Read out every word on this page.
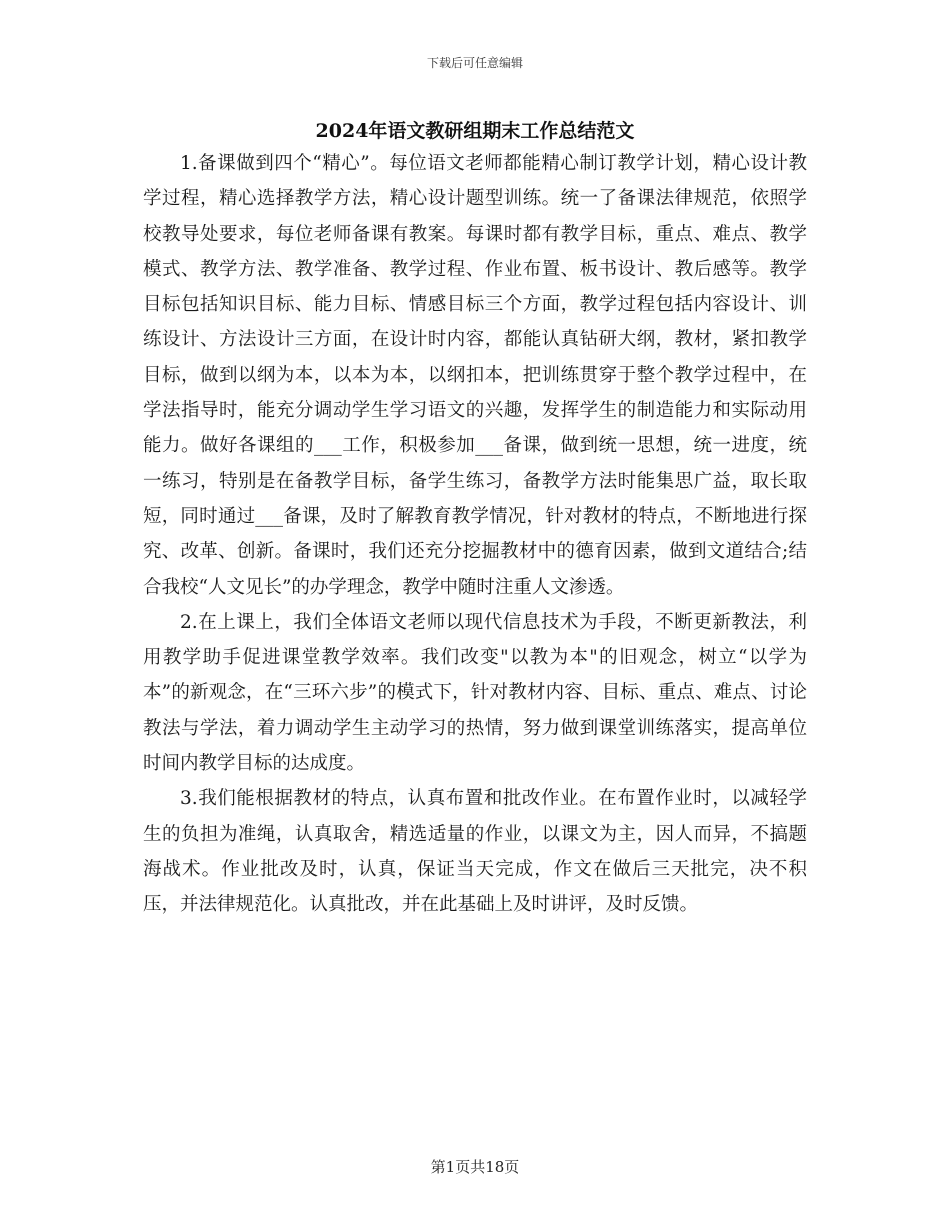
下载后可任意编辑
2024年语文教研组期末工作总结范文

1.备课做到四个“精心”。每位语文老师都能精心制订教学计划，精心设计教学过程，精心选择教学方法，精心设计题型训练。统一了备课法律规范，依照学校教导处要求，每位老师备课有教案。每课时都有教学目标，重点、难点、教学模式、教学方法、教学准备、教学过程、作业布置、板书设计、教后感等。教学目标包括知识目标、能力目标、情感目标三个方面，教学过程包括内容设计、训练设计、方法设计三方面，在设计时内容，都能认真钻研大纲，教材，紧扣教学目标，做到以纲为本，以本为本，以纲扣本，把训练贯穿于整个教学过程中，在学法指导时，能充分调动学生学习语文的兴趣，发挥学生的制造能力和实际动用能力。做好各课组的___工作，积极参加___备课，做到统一思想，统一进度，统一练习，特别是在备教学目标，备学生练习，备教学方法时能集思广益，取长取短，同时通过___备课，及时了解教育教学情况，针对教材的特点，不断地进行探究、改革、创新。备课时，我们还充分挖掘教材中的德育因素，做到文道结合;结合我校“人文见长”的办学理念，教学中随时注重人文渗透。

2.在上课上，我们全体语文老师以现代信息技术为手段，不断更新教法，利用教学助手促进课堂教学效率。我们改变"以教为本"的旧观念，树立“以学为本”的新观念，在“三环六步”的模式下，针对教材内容、目标、重点、难点、讨论教法与学法，着力调动学生主动学习的热情，努力做到课堂训练落实，提高单位时间内教学目标的达成度。

3.我们能根据教材的特点，认真布置和批改作业。在布置作业时，以减轻学生的负担为准绳，认真取舍，精选适量的作业，以课文为主，因人而异，不搞题海战术。作业批改及时，认真，保证当天完成，作文在做后三天批完，决不积压，并法律规范化。认真批改，并在此基础上及时讲评，及时反馈。

第1页共18页
